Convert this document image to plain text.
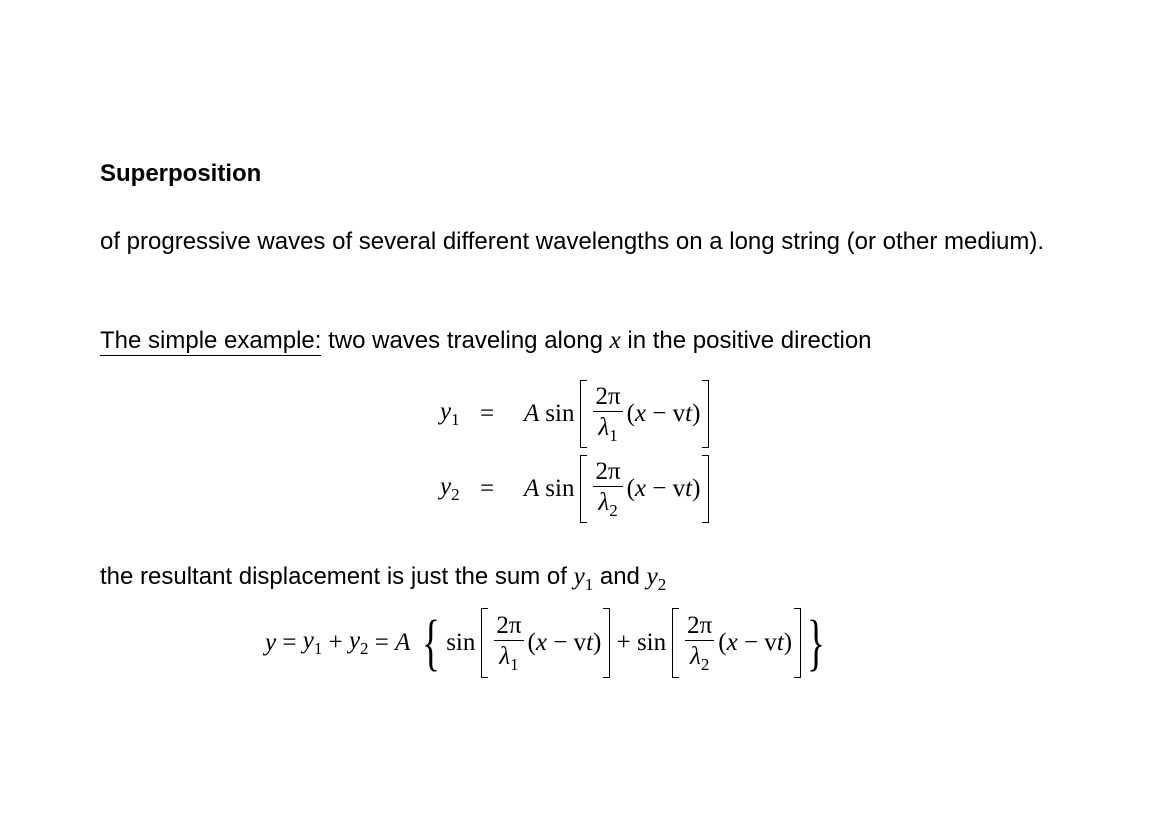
Superposition

of progressive waves of several different wavelengths on a long string (or other medium).

The simple example: two waves traveling along x in the positive direction

$y_1$ =	A $\sin \frac{2\pi}{\lambda_1} (x - vt)$
$y_2$ =	A $\sin \frac{2\pi}{\lambda_2} (x - vt)$

the resultant displacement is just the sum of $y_1$ and $y_2$

$y = y_1 + y_2 = A$ { $\sin \frac{2\pi}{\lambda_1} (x - vt) + \sin \frac{2\pi}{\lambda_2} (x - vt)$ }
